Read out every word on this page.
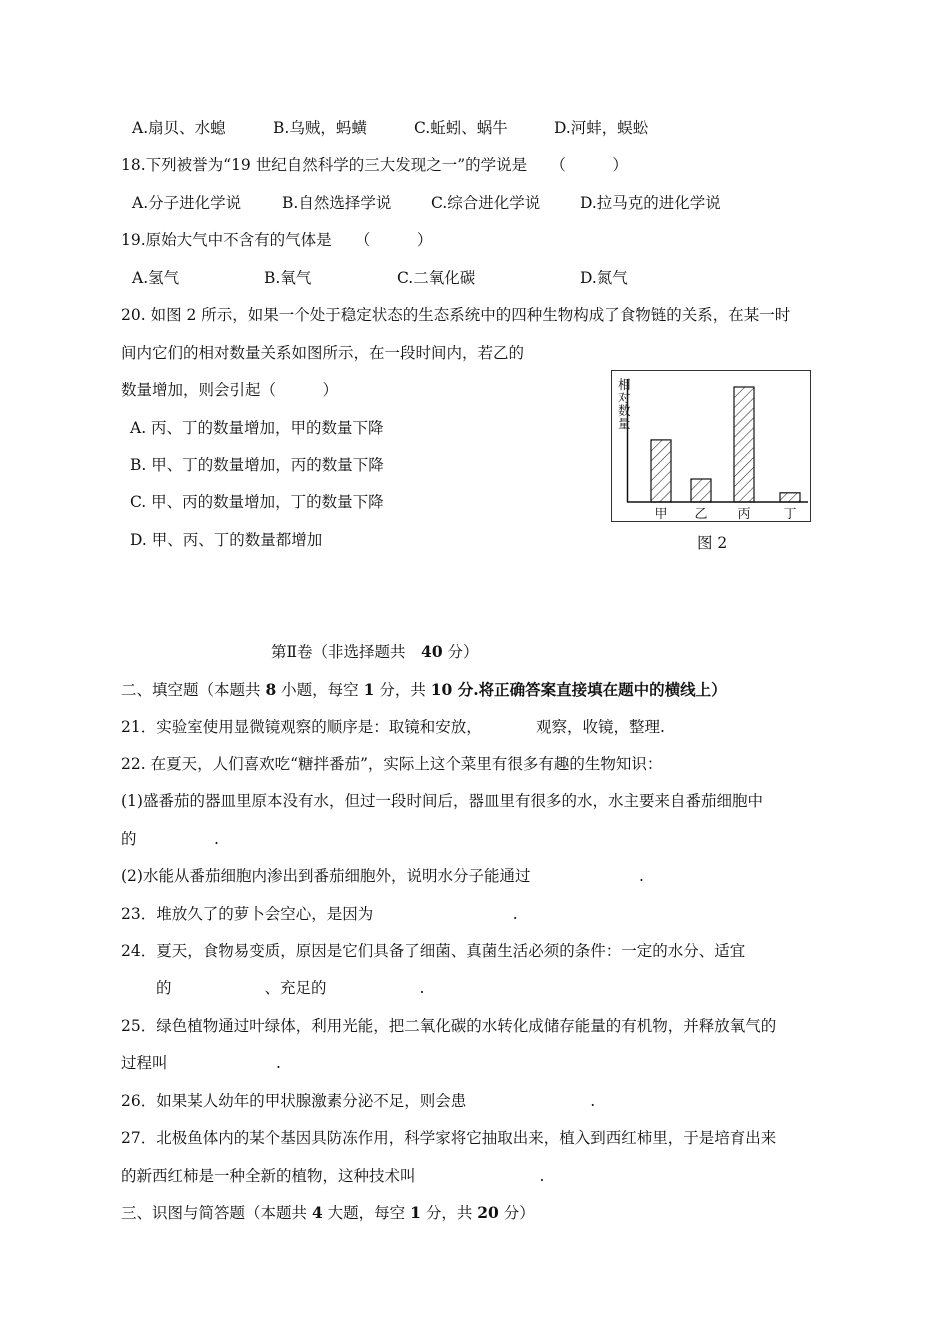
A.扇贝、水螅	B.乌贼，蚂蟥	C.蚯蚓、蜗牛	D.河蚌，蜈蚣
18.下列被誉为“19 世纪自然科学的三大发现之一”的学说是　　（　　　）
A.分子进化学说	B.自然选择学说	C.综合进化学说	D.拉马克的进化学说
19.原始大气中不含有的气体是　　（　　　）
A.氢气	B.氧气	C.二氧化碳	D.氮气
20. 如图 2 所示，如果一个处于稳定状态的生态系统中的四种生物构成了食物链的关系，在某一时
间内它们的相对数量关系如图所示，在一段时间内，若乙的
数量增加，则会引起（　　　）
A. 丙、丁的数量增加，甲的数量下降
B. 甲、丁的数量增加，丙的数量下降
C. 甲、丙的数量增加，丁的数量下降
D. 甲、丙、丁的数量都增加
相对数量
甲 乙 丙	丁
图 2
第Ⅱ卷（非选择题共　40 分）
二、填空题（本题共 8 小题，每空 1 分，共 10 分.将正确答案直接填在题中的横线上）
21．实验室使用显微镜观察的顺序是：取镜和安放，　　　　观察，收镜，整理.
22. 在夏天，人们喜欢吃“糖拌番茄”，实际上这个菜里有很多有趣的生物知识：
(1)盛番茄的器皿里原本没有水，但过一段时间后，器皿里有很多的水，水主要来自番茄细胞中
的　　　　　.
(2)水能从番茄细胞内渗出到番茄细胞外，说明水分子能通过　　　　　　　.
23．堆放久了的萝卜会空心，是因为　　　　　　　　　.
24．夏天，食物易变质，原因是它们具备了细菌、真菌生活必须的条件：一定的水分、适宜
的　　　　　　、充足的　　　　　　.
25．绿色植物通过叶绿体，利用光能，把二氧化碳的水转化成储存能量的有机物，并释放氧气的
过程叫　　　　　　　.
26．如果某人幼年的甲状腺激素分泌不足，则会患　　　　　　　　.
27．北极鱼体内的某个基因具防冻作用，科学家将它抽取出来，植入到西红柿里，于是培育出来
的新西红柿是一种全新的植物，这种技术叫　　　　　　　　.
三、识图与简答题（本题共 4 大题，每空 1 分，共 20 分）
